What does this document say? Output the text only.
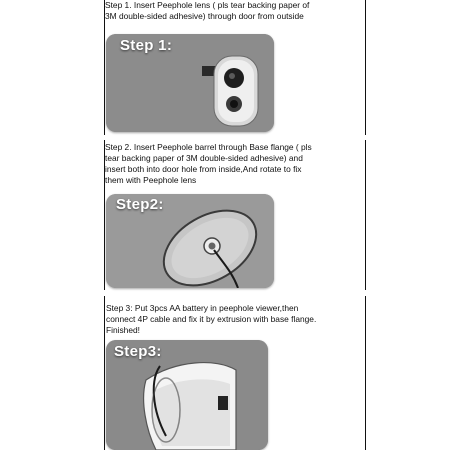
Step 1. Insert Peephole lens ( pls tear backing paper of
3M double-sided adhesive) through door from outside

Step 1:

Step 2. Insert Peephole barrel through Base flange ( pls
tear backing paper of 3M double-sided adhesive) and
insert both into door hole from inside,And rotate to fix
them with Peephole lens

Step2:

Step 3: Put 3pcs AA battery in peephole viewer,then
connect 4P cable and fix it by extrusion with base flange.
Finished!

Step3:
